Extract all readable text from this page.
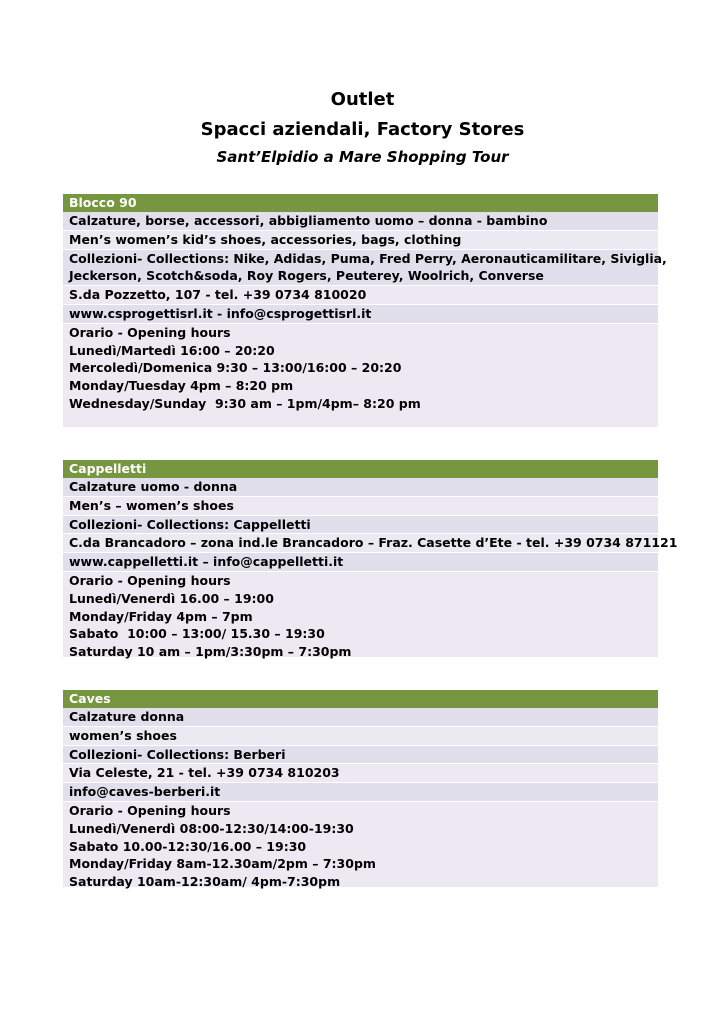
Outlet
Spacci aziendali, Factory Stores
Sant’Elpidio a Mare Shopping Tour
Blocco 90
Calzature, borse, accessori, abbigliamento uomo – donna - bambino
Men’s women’s kid’s shoes, accessories, bags, clothing
Collezioni- Collections: Nike, Adidas, Puma, Fred Perry, Aeronauticamilitare, Siviglia,
Jeckerson, Scotch&soda, Roy Rogers, Peuterey, Woolrich, Converse
S.da Pozzetto, 107 - tel. +39 0734 810020
www.csprogettisrl.it - info@csprogettisrl.it
Orario - Opening hours
Lunedì/Martedì 16:00 – 20:20
Mercoledì/Domenica 9:30 – 13:00/16:00 – 20:20
Monday/Tuesday 4pm – 8:20 pm
Wednesday/Sunday  9:30 am – 1pm/4pm– 8:20 pm
Cappelletti
Calzature uomo - donna
Men’s – women’s shoes
Collezioni- Collections: Cappelletti
C.da Brancadoro – zona ind.le Brancadoro – Fraz. Casette d’Ete - tel. +39 0734 871121
www.cappelletti.it – info@cappelletti.it
Orario - Opening hours
Lunedì/Venerdì 16.00 – 19:00
Monday/Friday 4pm – 7pm
Sabato  10:00 – 13:00/ 15.30 – 19:30
Saturday 10 am – 1pm/3:30pm – 7:30pm
Caves
Calzature donna
women’s shoes
Collezioni- Collections: Berberi
Via Celeste, 21 - tel. +39 0734 810203
info@caves-berberi.it
Orario - Opening hours
Lunedì/Venerdì 08:00-12:30/14:00-19:30
Sabato 10.00-12:30/16.00 – 19:30
Monday/Friday 8am-12.30am/2pm – 7:30pm
Saturday 10am-12:30am/ 4pm-7:30pm
